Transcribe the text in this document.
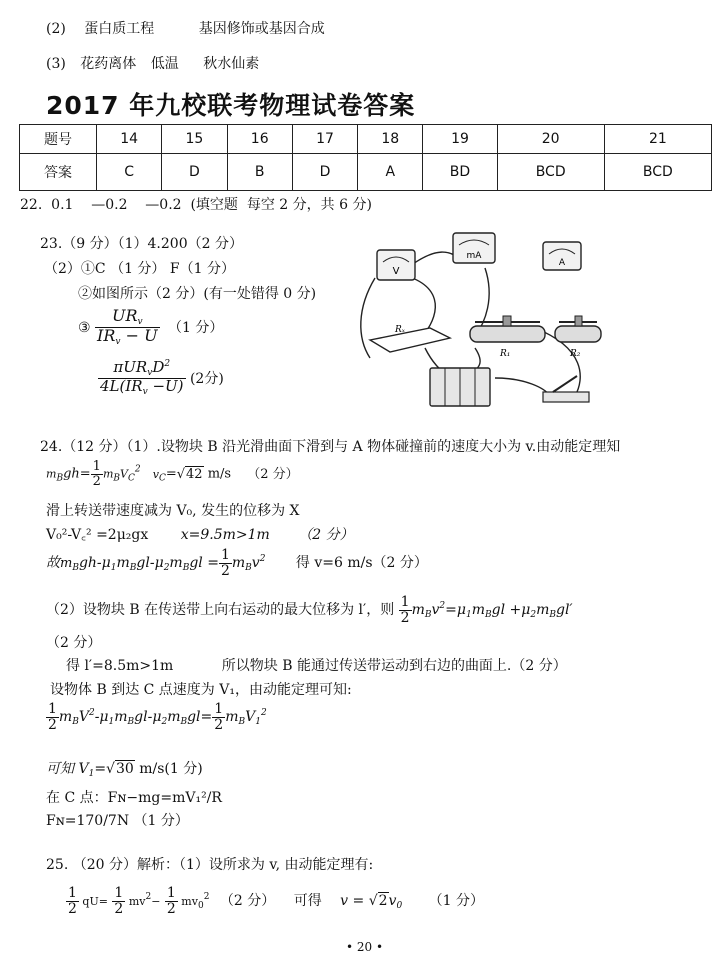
(2) 蛋白质工程	基因修饰或基因合成
(3) 花药离体 低温 秋水仙素
2017 年九校联考物理试卷答案
题号	14	15	16	17	18	19	20	21
答案	C	D	B	D	A	BD	BCD	BCD
22.  0.1    —0.2    —0.2  (填空题  每空 2 分，共 6 分)
23.（9 分）（1）4.200（2 分）
（2）①C （1 分） F（1 分）
②如图所示（2 分）(有一处错得 0 分)
③ $\frac{UR_v}{IR_v - U} (1$ 分）
$\frac{\pi UR_vD^2}{4L(IR_v -U)} (2$分)
V
mA
A
Rₓ
R₁	R₂
24.（12 分）（1）.设物块 B 沿光滑曲面下滑到与 A 物体碰撞前的速度大小为 v.由动能定理知
$m_Bgh= \frac{1}{2} m_BV_C^2$ $v_C=√42$ m/s （2 分）
滑上转送带速度减为 V₀, 发生的位移为 X
V₀²-V꜀² =2μ₂gx x=9.5m>1m （2 分）
故$m_Bgh-\mu_1m_Bgl-\mu_2m_Bgl = \frac{1}{2} m_Bv^2$ 得 v=6 m/s（2 分）
（2）设物块 B 在传送带上向右运动的最大位移为 l′，则 $\frac{1}{2} m_Bv^2=\mu_1m_Bgl +\mu_2m_Bgl'$
（2 分）
得 l′=8.5m>1m	所以物块 B 能通过传送带运动到右边的曲面上.（2 分）
设物体 B 到达 C 点速度为 V₁，由动能定理可知:
$\frac{1}{2} m_BV^2-\mu_1m_Bgl-\mu_2m_Bgl= \frac{1}{2} m_BV_1^2$
可知 $V_1=√30$ m/s(1 分)
在 C 点：Fɴ−mg=mV₁²/R
Fɴ=170/7N （1 分）
25. （20 分）解析：（1）设所求为 v, 由动能定理有:
$\frac{1}{2} qU= \frac{1}{2} mv^2- \frac{1}{2} mv_0^2$ （2 分） 可得 $v = √2v_0$ （1 分）
• 20 •
